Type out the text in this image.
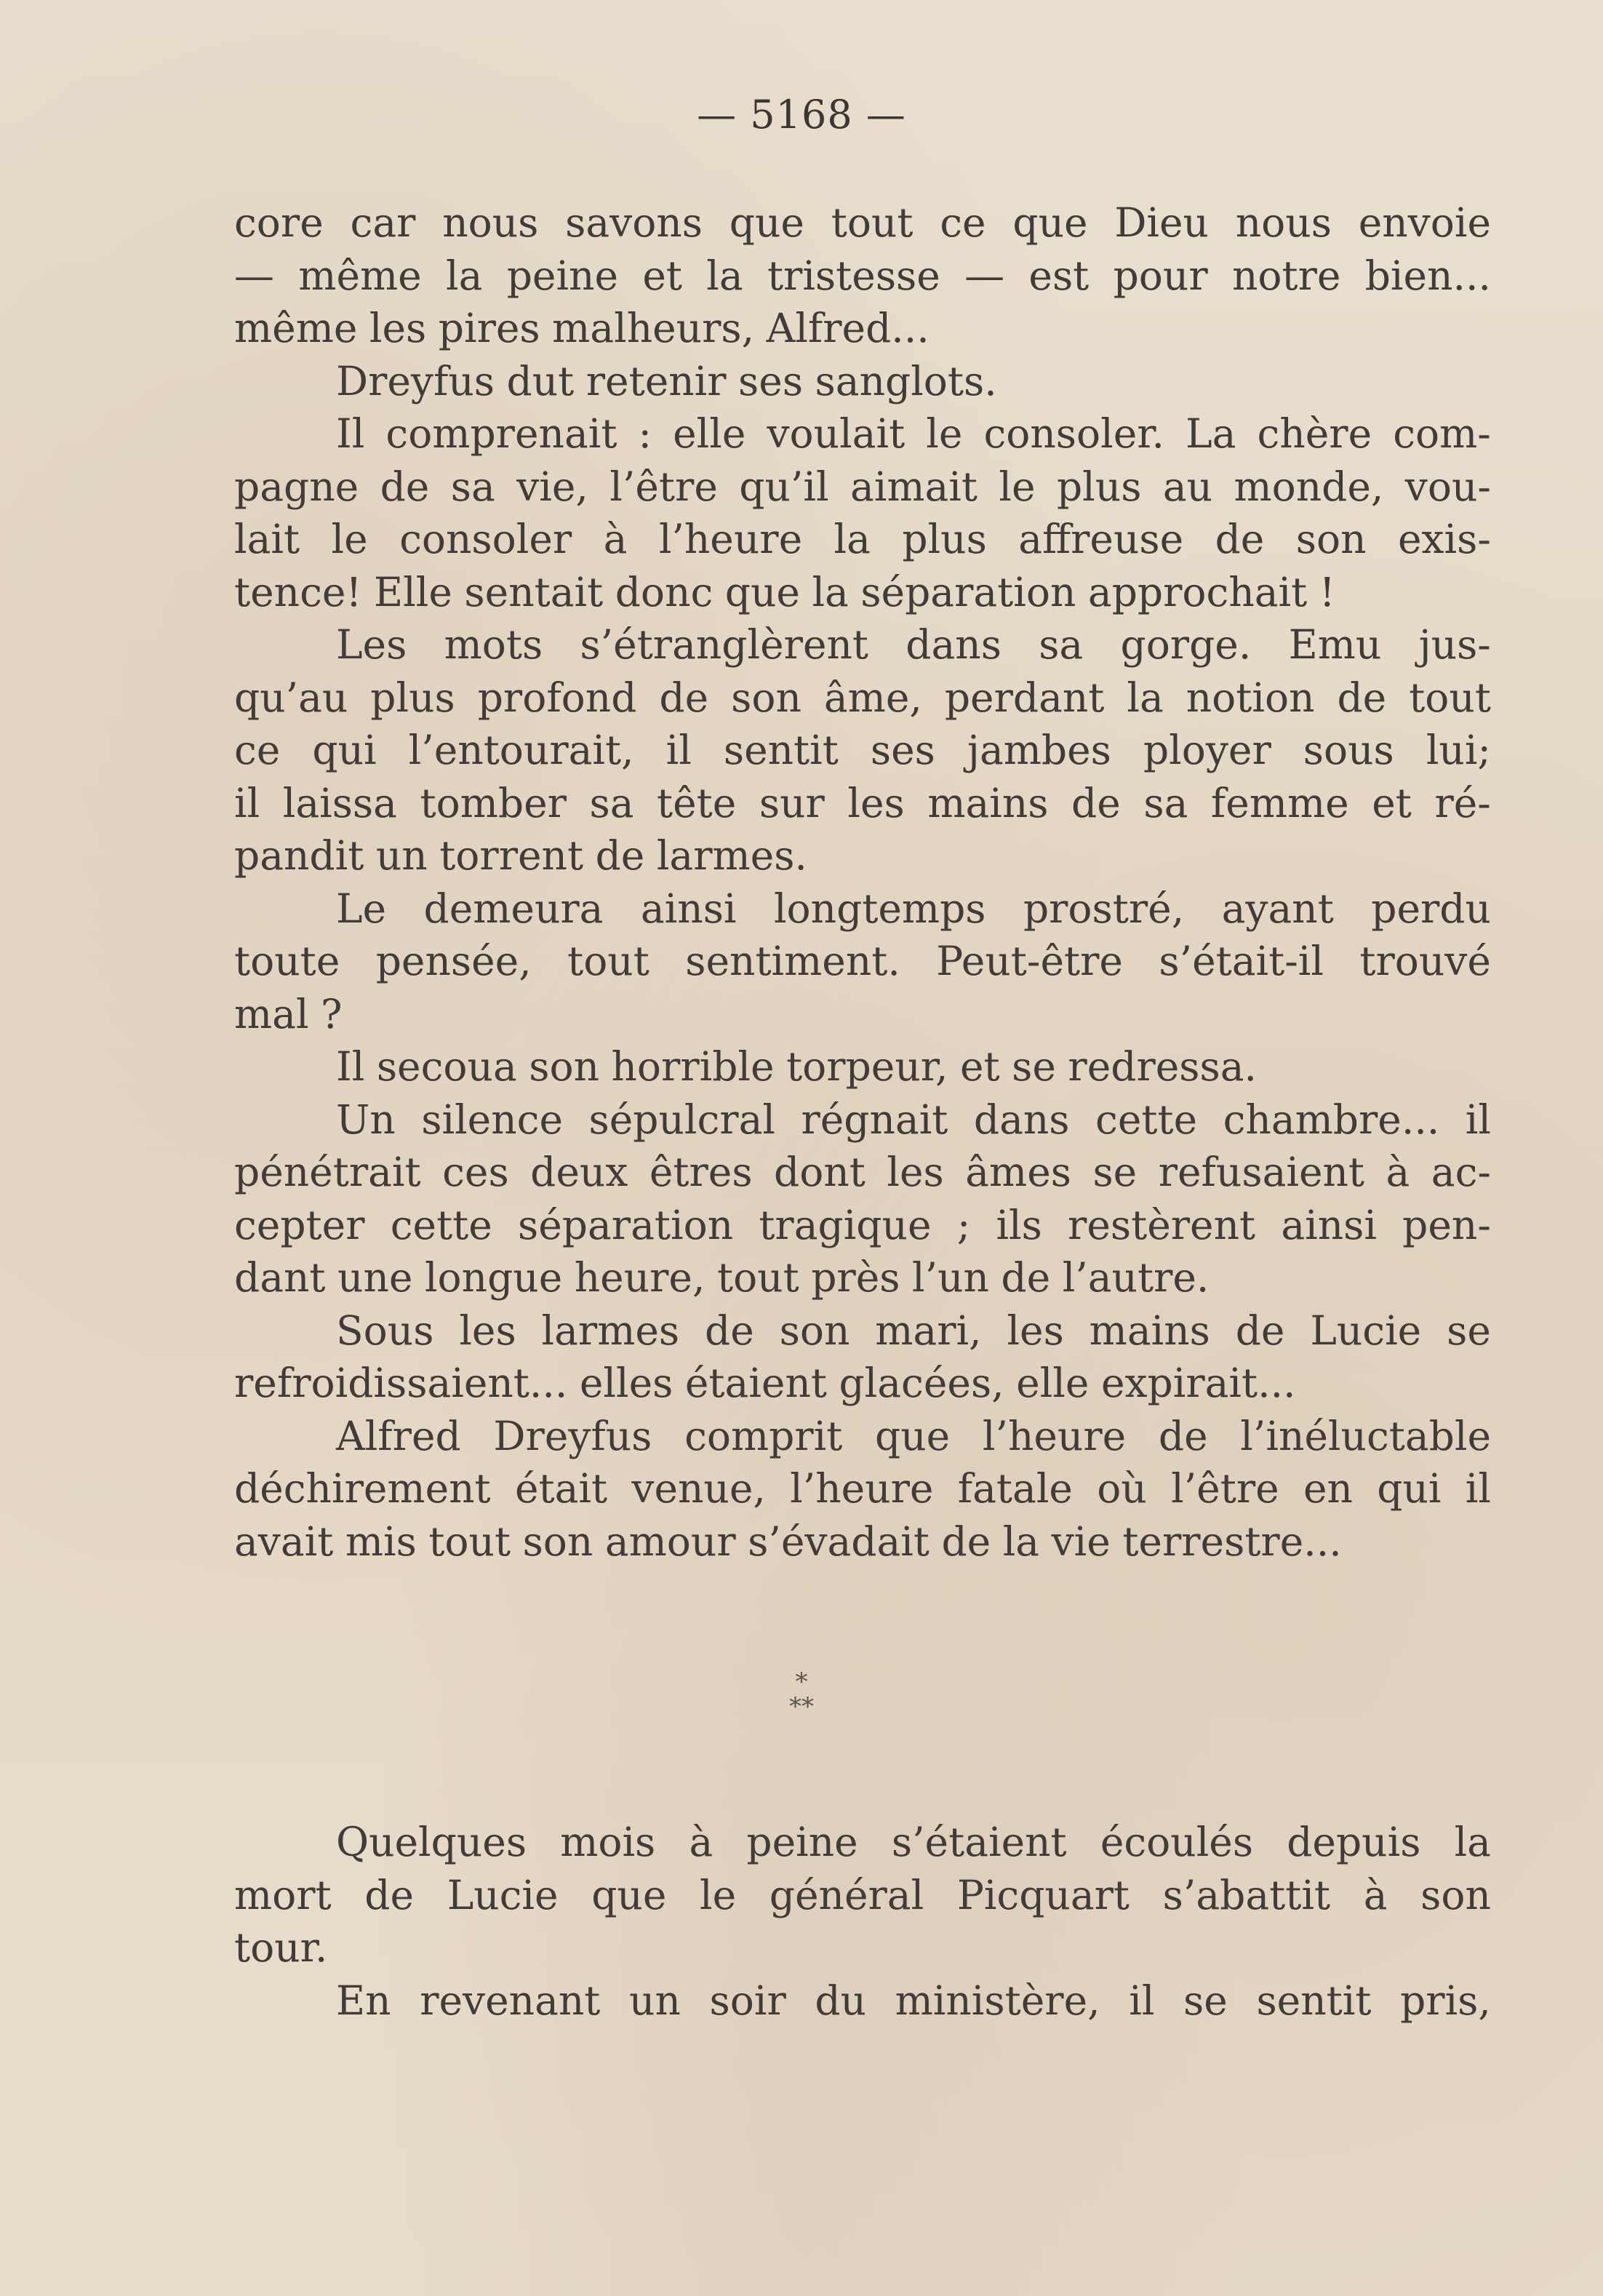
— 5168 —
core car nous savons que tout ce que Dieu nous envoie
— même la peine et la tristesse — est pour notre bien...
même les pires malheurs, Alfred...
Dreyfus dut retenir ses sanglots.
Il comprenait : elle voulait le consoler. La chère com-
pagne de sa vie, l’être qu’il aimait le plus au monde, vou-
lait le consoler à l’heure la plus affreuse de son exis-
tence! Elle sentait donc que la séparation approchait !
Les mots s’étranglèrent dans sa gorge. Emu jus-
qu’au plus profond de son âme, perdant la notion de tout
ce qui l’entourait, il sentit ses jambes ployer sous lui;
il laissa tomber sa tête sur les mains de sa femme et ré-
pandit un torrent de larmes.
Le demeura ainsi longtemps prostré, ayant perdu
toute pensée, tout sentiment. Peut-être s’était-il trouvé
mal ?
Il secoua son horrible torpeur, et se redressa.
Un silence sépulcral régnait dans cette chambre... il
pénétrait ces deux êtres dont les âmes se refusaient à ac-
cepter cette séparation tragique ; ils restèrent ainsi pen-
dant une longue heure, tout près l’un de l’autre.
Sous les larmes de son mari, les mains de Lucie se
refroidissaient... elles étaient glacées, elle expirait...
Alfred Dreyfus comprit que l’heure de l’inéluctable
déchirement était venue, l’heure fatale où l’être en qui il
avait mis tout son amour s’évadait de la vie terrestre...
*
**
Quelques mois à peine s’étaient écoulés depuis la
mort de Lucie que le général Picquart s’abattit à son
tour.
En revenant un soir du ministère, il se sentit pris,
